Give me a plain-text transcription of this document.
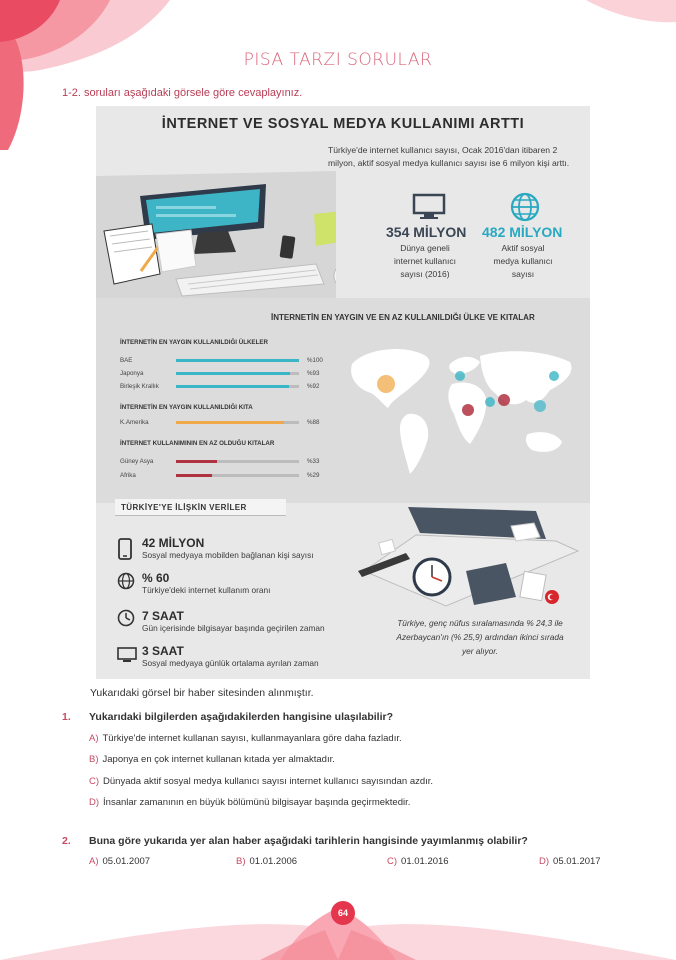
PISA TARZI SORULAR
1-2. soruları aşağıdaki görsele göre cevaplayınız.
İNTERNET VE SOSYAL MEDYA KULLANIMI ARTTI
Türkiye'de internet kullanıcı sayısı, Ocak 2016'dan itibaren 2 milyon, aktif sosyal medya kullanıcı sayısı ise 6 milyon kişi arttı.
354 MİLYON 482 MİLYON
Dünya geneli
internet kullanıcı
sayısı (2016)
Aktif sosyal
medya kullanıcı
sayısı
İNTERNETİN EN YAYGIN VE EN AZ KULLANILDIĞI ÜLKE VE KITALAR
İNTERNETİN EN YAYGIN KULLANILDIĞI ÜLKELER
BAE	%100
Japonya	%93
Birleşik Krallık	%92
İNTERNETİN EN YAYGIN KULLANILDIĞI KITA
K.Amerika	%88
İNTERNET KULLANIMININ EN AZ OLDUĞU KITALAR
Güney Asya	%33
Afrika	%29
TÜRKİYE'YE İLİŞKİN VERİLER
42 MİLYON
Sosyal medyaya mobilden bağlanan kişi sayısı
% 60
Türkiye'deki internet kullanım oranı
7 SAAT
Gün içerisinde bilgisayar başında geçirilen zaman
3 SAAT
Sosyal medyaya günlük ortalama ayrılan zaman
Türkiye, genç nüfus sıralamasında % 24,3 ile
Azerbaycan'ın (% 25,9) ardından ikinci sırada
yer alıyor.
Yukarıdaki görsel bir haber sitesinden alınmıştır.
1. Yukarıdaki bilgilerden aşağıdakilerden hangisine ulaşılabilir?
A) Türkiye'de internet kullanan sayısı, kullanmayanlara göre daha fazladır.
B) Japonya en çok internet kullanan kıtada yer almaktadır.
C) Dünyada aktif sosyal medya kullanıcı sayısı internet kullanıcı sayısından azdır.
D) İnsanlar zamanının en büyük bölümünü bilgisayar başında geçirmektedir.
2. Buna göre yukarıda yer alan haber aşağıdaki tarihlerin hangisinde yayımlanmış olabilir?
A) 05.01.2007	B) 01.01.2006	C) 01.01.2016	D) 05.01.2017
64
